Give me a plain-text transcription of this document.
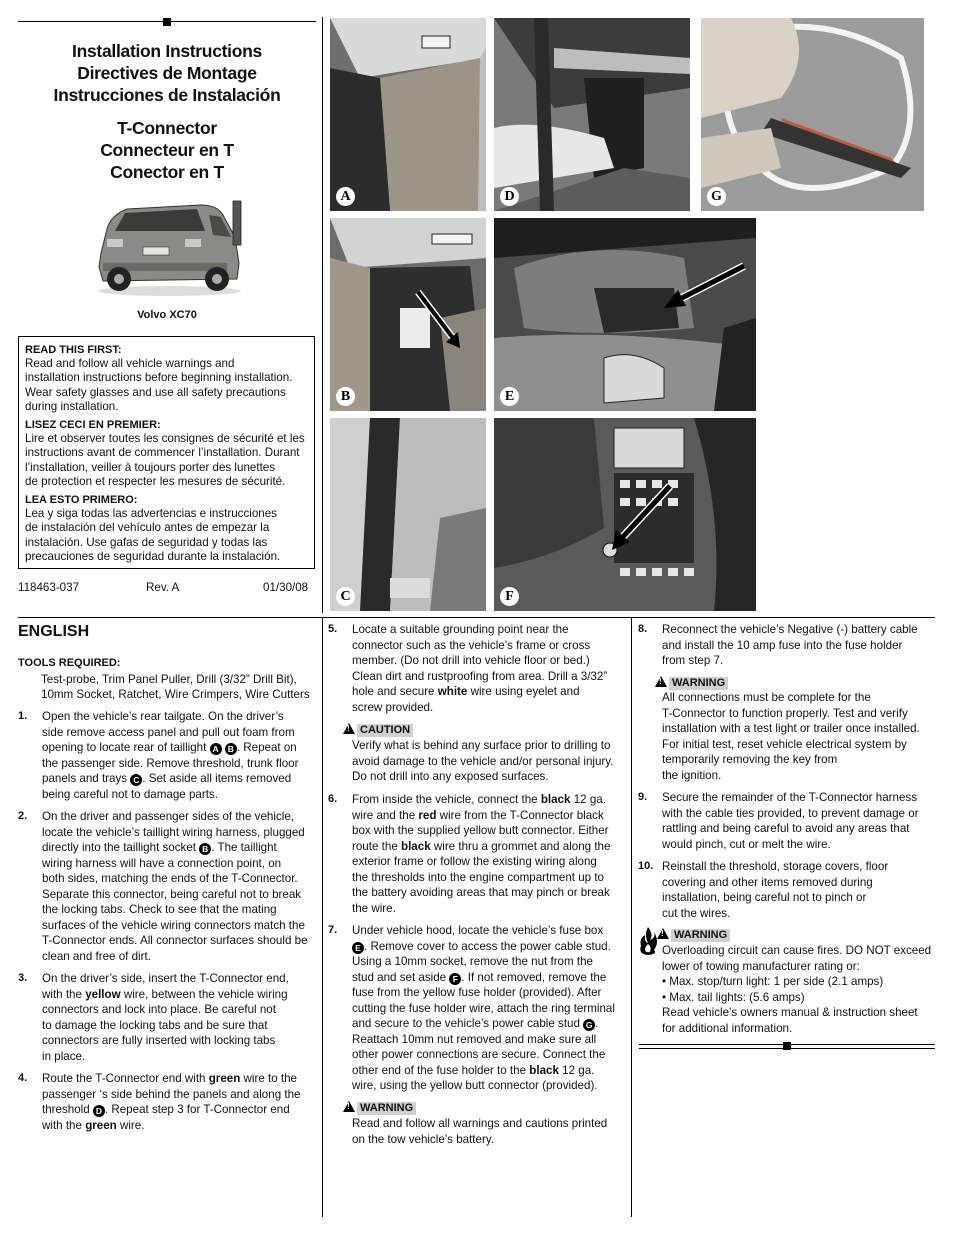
Installation Instructions
Directives de Montage
Instrucciones de Instalación
T-Connector
Connecteur en T
Conector en T
Volvo XC70
READ THIS FIRST:
Read and follow all vehicle warnings and
installation instructions before beginning installation.
Wear safety glasses and use all safety precautions
during installation.
LISEZ CECI EN PREMIER:
Lire et observer toutes les consignes de sécurité et les
instructions avant de commencer l’installation. Durant
l’installation, veiller à toujours porter des lunettes
de protection et respecter les mesures de sécurité.
LEA ESTO PRIMERO:
Lea y siga todas las advertencias e instrucciones
de instalación del vehículo antes de empezar la
instalación. Use gafas de seguridad y todas las
precauciones de seguridad durante la instalación.
118463-037	Rev. A	01/30/08
A	D	G
B	E
C	F
ENGLISH
TOOLS REQUIRED:
Test-probe, Trim Panel Puller, Drill (3/32” Drill Bit),
10mm Socket, Ratchet, Wire Crimpers, Wire Cutters
1. Open the vehicle’s rear tailgate. On the driver’s
side remove access panel and pull out foam from
opening to locate rear of taillight A B . Repeat on
the passenger side. Remove threshold, trunk floor
panels and trays C . Set aside all items removed
being careful not to damage parts.
2. On the driver and passenger sides of the vehicle,
locate the vehicle’s taillight wiring harness, plugged
directly into the taillight socket B . The taillight
wiring harness will have a connection point, on
both sides, matching the ends of the T-Connector.
Separate this connector, being careful not to break
the locking tabs. Check to see that the mating
surfaces of the vehicle wiring connectors match the
T-Connector ends. All connector surfaces should be
clean and free of dirt.
3. On the driver’s side, insert the T-Connector end,
with the yellow wire, between the vehicle wiring
connectors and lock into place. Be careful not
to damage the locking tabs and be sure that
connectors are fully inserted with locking tabs
in place.
4. Route the T-Connector end with green wire to the
passenger ‘s side behind the panels and along the
threshold D . Repeat step 3 for T-Connector end
with the green wire.
5. Locate a suitable grounding point near the
connector such as the vehicle’s frame or cross
member. (Do not drill into vehicle floor or bed.)
Clean dirt and rustproofing from area. Drill a 3/32”
hole and secure white wire using eyelet and
screw provided.
!CAUTION
Verify what is behind any surface prior to drilling to
avoid damage to the vehicle and/or personal injury.
Do not drill into any exposed surfaces.
6. From inside the vehicle, connect the black 12 ga.
wire and the red wire from the T-Connector black
box with the supplied yellow butt connector. Either
route the black wire thru a grommet and along the
exterior frame or follow the existing wiring along
the thresholds into the engine compartment up to
the battery avoiding areas that may pinch or break
the wire.
7. Under vehicle hood, locate the vehicle’s fuse box
E . Remove cover to access the power cable stud.
Using a 10mm socket, remove the nut from the
stud and set aside F . If not removed, remove the
fuse from the yellow fuse holder (provided). After
cutting the fuse holder wire, attach the ring terminal
and secure to the vehicle’s power cable stud G .
Reattach 10mm nut removed and make sure all
other power connections are secure. Connect the
other end of the fuse holder to the black 12 ga.
wire, using the yellow butt connector (provided).
!WARNING
Read and follow all warnings and cautions printed
on the tow vehicle’s battery.
8. Reconnect the vehicle’s Negative (-) battery cable
and install the 10 amp fuse into the fuse holder
from step 7.
!WARNING
All connections must be complete for the
T-Connector to function properly. Test and verify
installation with a test light or trailer once installed.
For initial test, reset vehicle electrical system by
temporarily removing the key from
the ignition.
9. Secure the remainder of the T-Connector harness
with the cable ties provided, to prevent damage or
rattling and being careful to avoid any areas that
would pinch, cut or melt the wire.
10. Reinstall the threshold, storage covers, floor
covering and other items removed during
installation, being careful not to pinch or
cut the wires.
!WARNING
Overloading circuit can cause fires. DO NOT exceed
lower of towing manufacturer rating or:
• Max. stop/turn light: 1 per side (2.1 amps)
• Max. tail lights: (5.6 amps)
Read vehicle’s owners manual & instruction sheet
for additional information.
